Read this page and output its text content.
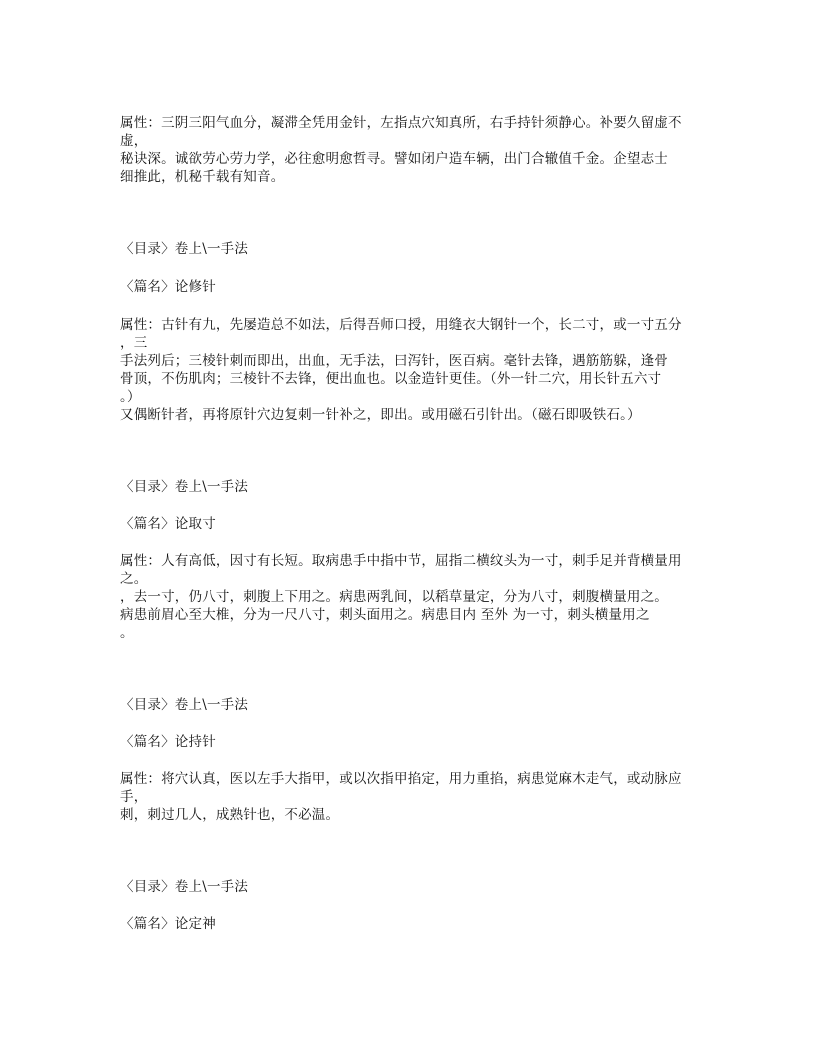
属性：三阴三阳气血分，凝滞全凭用金针，左指点穴知真所，右手持针须静心。补要久留虚不
虚，
秘诀深。诚欲劳心劳力学，必往愈明愈哲寻。譬如闭户造车辆，出门合辙值千金。企望志士
细推此，机秘千载有知音。
〈目录〉卷上\一手法
〈篇名〉论修针
属性：古针有九，先屡造总不如法，后得吾师口授，用缝衣大钢针一个，长二寸，或一寸五分
，三
手法列后；三棱针刺而即出，出血，无手法，曰泻针，医百病。毫针去锋，遇筋筋躲，逢骨
骨顶，不伤肌肉；三棱针不去锋，便出血也。以金造针更佳。（外一针二穴，用长针五六寸
。）
又偶断针者，再将原针穴边复刺一针补之，即出。或用磁石引针出。（磁石即吸铁石。）
〈目录〉卷上\一手法
〈篇名〉论取寸
属性：人有高低，因寸有长短。取病患手中指中节，屈指二横纹头为一寸，刺手足并背横量用
之。
，去一寸，仍八寸，刺腹上下用之。病患两乳间，以稻草量定，分为八寸，刺腹横量用之。
病患前眉心至大椎，分为一尺八寸，刺头面用之。病患目内 至外 为一寸，刺头横量用之
。
〈目录〉卷上\一手法
〈篇名〉论持针
属性：将穴认真，医以左手大指甲，或以次指甲掐定，用力重掐，病患觉麻木走气，或动脉应
手，
刺，刺过几人，成熟针也，不必温。
〈目录〉卷上\一手法
〈篇名〉论定神
